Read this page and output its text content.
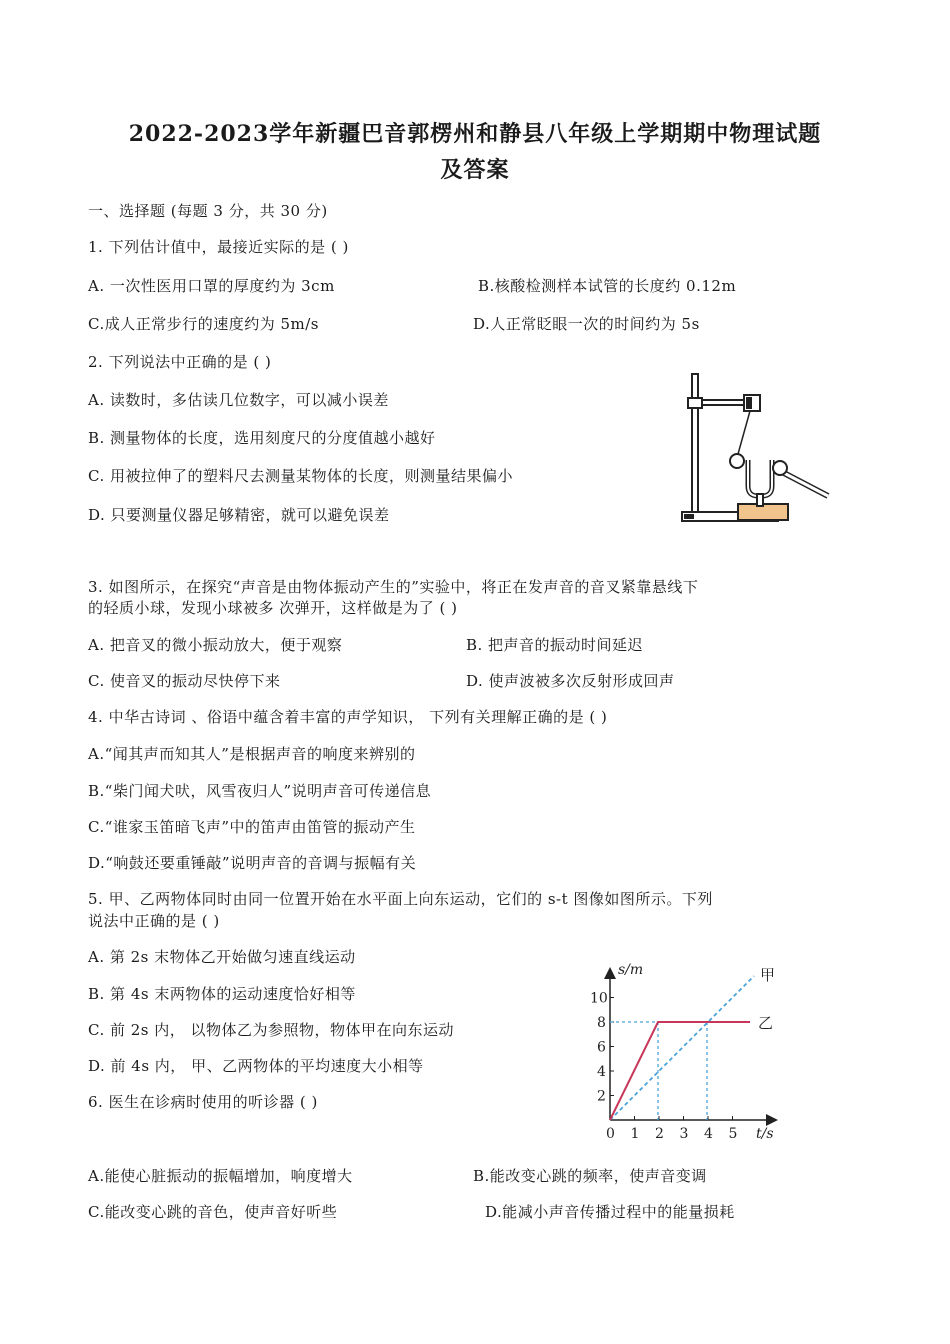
2022-2023学年新疆巴音郭楞州和静县八年级上学期期中物理试题
及答案
一、选择题 (每题 3 分，共 30 分)
1. 下列估计值中，最接近实际的是 ( )
A. 一次性医用口罩的厚度约为 3cm	B.核酸检测样本试管的长度约 0.12m
C.成人正常步行的速度约为 5m/s	D.人正常眨眼一次的时间约为 5s
2. 下列说法中正确的是 ( )
A. 读数时，多估读几位数字，可以减小误差
B. 测量物体的长度，选用刻度尺的分度值越小越好
C. 用被拉伸了的塑料尺去测量某物体的长度，则测量结果偏小
D. 只要测量仪器足够精密，就可以避免误差
3. 如图所示，在探究“声音是由物体振动产生的”实验中，将正在发声音的音叉紧靠悬线下
的轻质小球，发现小球被多 次弹开，这样做是为了 ( )
A. 把音叉的微小振动放大，便于观察	B. 把声音的振动时间延迟
C. 使音叉的振动尽快停下来	D. 使声波被多次反射形成回声
4. 中华古诗词 、俗语中蕴含着丰富的声学知识， 下列有关理解正确的是 ( )
A.“闻其声而知其人”是根据声音的响度来辨别的
B.“柴门闻犬吠，风雪夜归人”说明声音可传递信息
C.“谁家玉笛暗飞声”中的笛声由笛管的振动产生
D.“响鼓还要重锤敲”说明声音的音调与振幅有关
5. 甲、乙两物体同时由同一位置开始在水平面上向东运动，它们的 s-t 图像如图所示。下列
说法中正确的是 ( )
A. 第 2s 末物体乙开始做匀速直线运动
B. 第 4s 末两物体的运动速度恰好相等
C. 前 2s 内， 以物体乙为参照物，物体甲在向东运动
D. 前 4s 内， 甲、乙两物体的平均速度大小相等
2
4
6
8
10
0 1 2 3 4 5
甲
乙
s/m
t/s
6. 医生在诊病时使用的听诊器 ( )
A.能使心脏振动的振幅增加，响度增大	B.能改变心跳的频率，使声音变调
C.能改变心跳的音色，使声音好听些	D.能减小声音传播过程中的能量损耗
